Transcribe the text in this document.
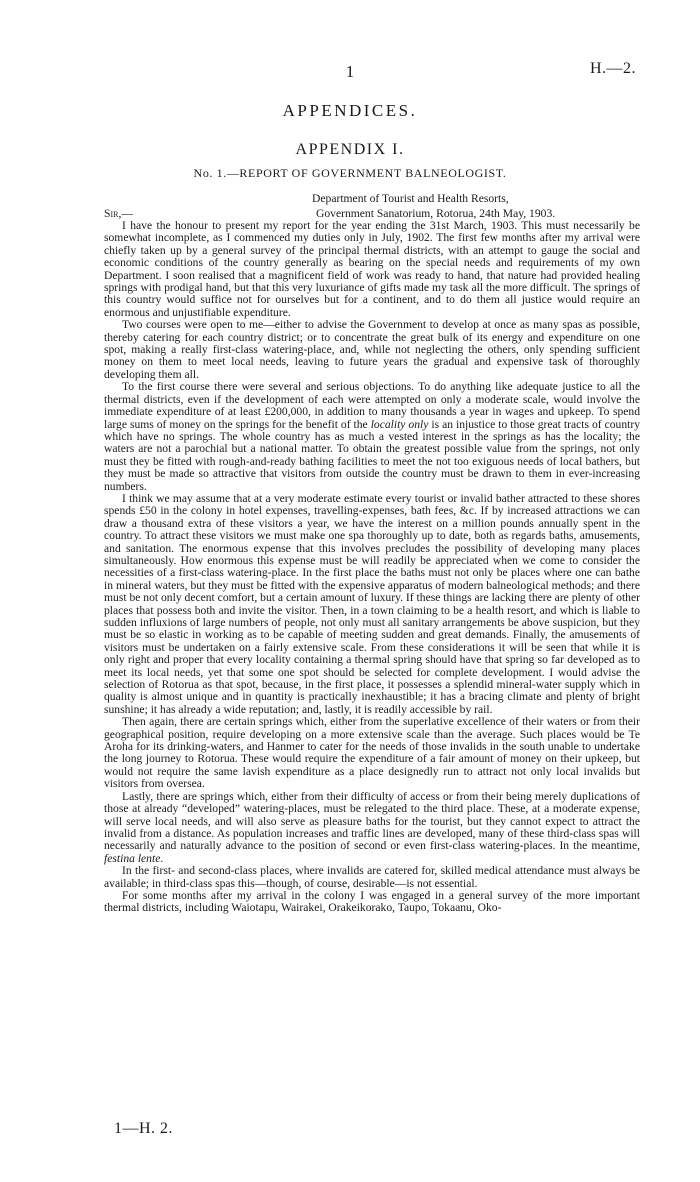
1	H.—2.
APPENDICES.
APPENDIX I.
No. 1.—REPORT OF GOVERNMENT BALNEOLOGIST.
Department of Tourist and Health Resorts,
Sir,—	Government Sanatorium, Rotorua, 24th May, 1903.

I have the honour to present my report for the year ending the 31st March, 1903. This must necessarily be somewhat incomplete, as I commenced my duties only in July, 1902. The first few months after my arrival were chiefly taken up by a general survey of the principal thermal districts, with an attempt to gauge the social and economic conditions of the country generally as bearing on the special needs and requirements of my own Department. I soon realised that a magnificent field of work was ready to hand, that nature had provided healing springs with prodigal hand, but that this very luxuriance of gifts made my task all the more difficult. The springs of this country would suffice not for ourselves but for a continent, and to do them all justice would require an enormous and unjustifiable expenditure.

Two courses were open to me—either to advise the Government to develop at once as many spas as possible, thereby catering for each country district; or to concentrate the great bulk of its energy and expenditure on one spot, making a really first-class watering-place, and, while not neglecting the others, only spending sufficient money on them to meet local needs, leaving to future years the gradual and expensive task of thoroughly developing them all.

To the first course there were several and serious objections. To do anything like adequate justice to all the thermal districts, even if the development of each were attempted on only a moderate scale, would involve the immediate expenditure of at least £200,000, in addition to many thousands a year in wages and upkeep. To spend large sums of money on the springs for the benefit of the locality only is an injustice to those great tracts of country which have no springs. The whole country has as much a vested interest in the springs as has the locality; the waters are not a parochial but a national matter. To obtain the greatest possible value from the springs, not only must they be fitted with rough-and-ready bathing facilities to meet the not too exiguous needs of local bathers, but they must be made so attractive that visitors from outside the country must be drawn to them in ever-increasing numbers.

I think we may assume that at a very moderate estimate every tourist or invalid bather attracted to these shores spends £50 in the colony in hotel expenses, travelling-expenses, bath fees, &c. If by increased attractions we can draw a thousand extra of these visitors a year, we have the interest on a million pounds annually spent in the country. To attract these visitors we must make one spa thoroughly up to date, both as regards baths, amusements, and sanitation. The enormous expense that this involves precludes the possibility of developing many places simultaneously. How enormous this expense must be will readily be appreciated when we come to consider the necessities of a first-class watering-place. In the first place the baths must not only be places where one can bathe in mineral waters, but they must be fitted with the expensive apparatus of modern balneological methods; and there must be not only decent comfort, but a certain amount of luxury. If these things are lacking there are plenty of other places that possess both and invite the visitor. Then, in a town claiming to be a health resort, and which is liable to sudden influxions of large numbers of people, not only must all sanitary arrangements be above suspicion, but they must be so elastic in working as to be capable of meeting sudden and great demands. Finally, the amusements of visitors must be undertaken on a fairly extensive scale. From these considerations it will be seen that while it is only right and proper that every locality containing a thermal spring should have that spring so far developed as to meet its local needs, yet that some one spot should be selected for complete development. I would advise the selection of Rotorua as that spot, because, in the first place, it possesses a splendid mineral-water supply which in quality is almost unique and in quantity is practically inexhaustible; it has a bracing climate and plenty of bright sunshine; it has already a wide reputation; and, lastly, it is readily accessible by rail.

Then again, there are certain springs which, either from the superlative excellence of their waters or from their geographical position, require developing on a more extensive scale than the average. Such places would be Te Aroha for its drinking-waters, and Hanmer to cater for the needs of those invalids in the south unable to undertake the long journey to Rotorua. These would require the expenditure of a fair amount of money on their upkeep, but would not require the same lavish expenditure as a place designedly run to attract not only local invalids but visitors from oversea.

Lastly, there are springs which, either from their difficulty of access or from their being merely duplications of those at already “developed” watering-places, must be relegated to the third place. These, at a moderate expense, will serve local needs, and will also serve as pleasure baths for the tourist, but they cannot expect to attract the invalid from a distance. As population increases and traffic lines are developed, many of these third-class spas will necessarily and naturally advance to the position of second or even first-class watering-places. In the meantime, festina lente.

In the first- and second-class places, where invalids are catered for, skilled medical attendance must always be available; in third-class spas this—though, of course, desirable—is not essential.

For some months after my arrival in the colony I was engaged in a general survey of the more important thermal districts, including Waiotapu, Wairakei, Orakeikorako, Taupo, Tokaanu, Oko-

1—H. 2.
